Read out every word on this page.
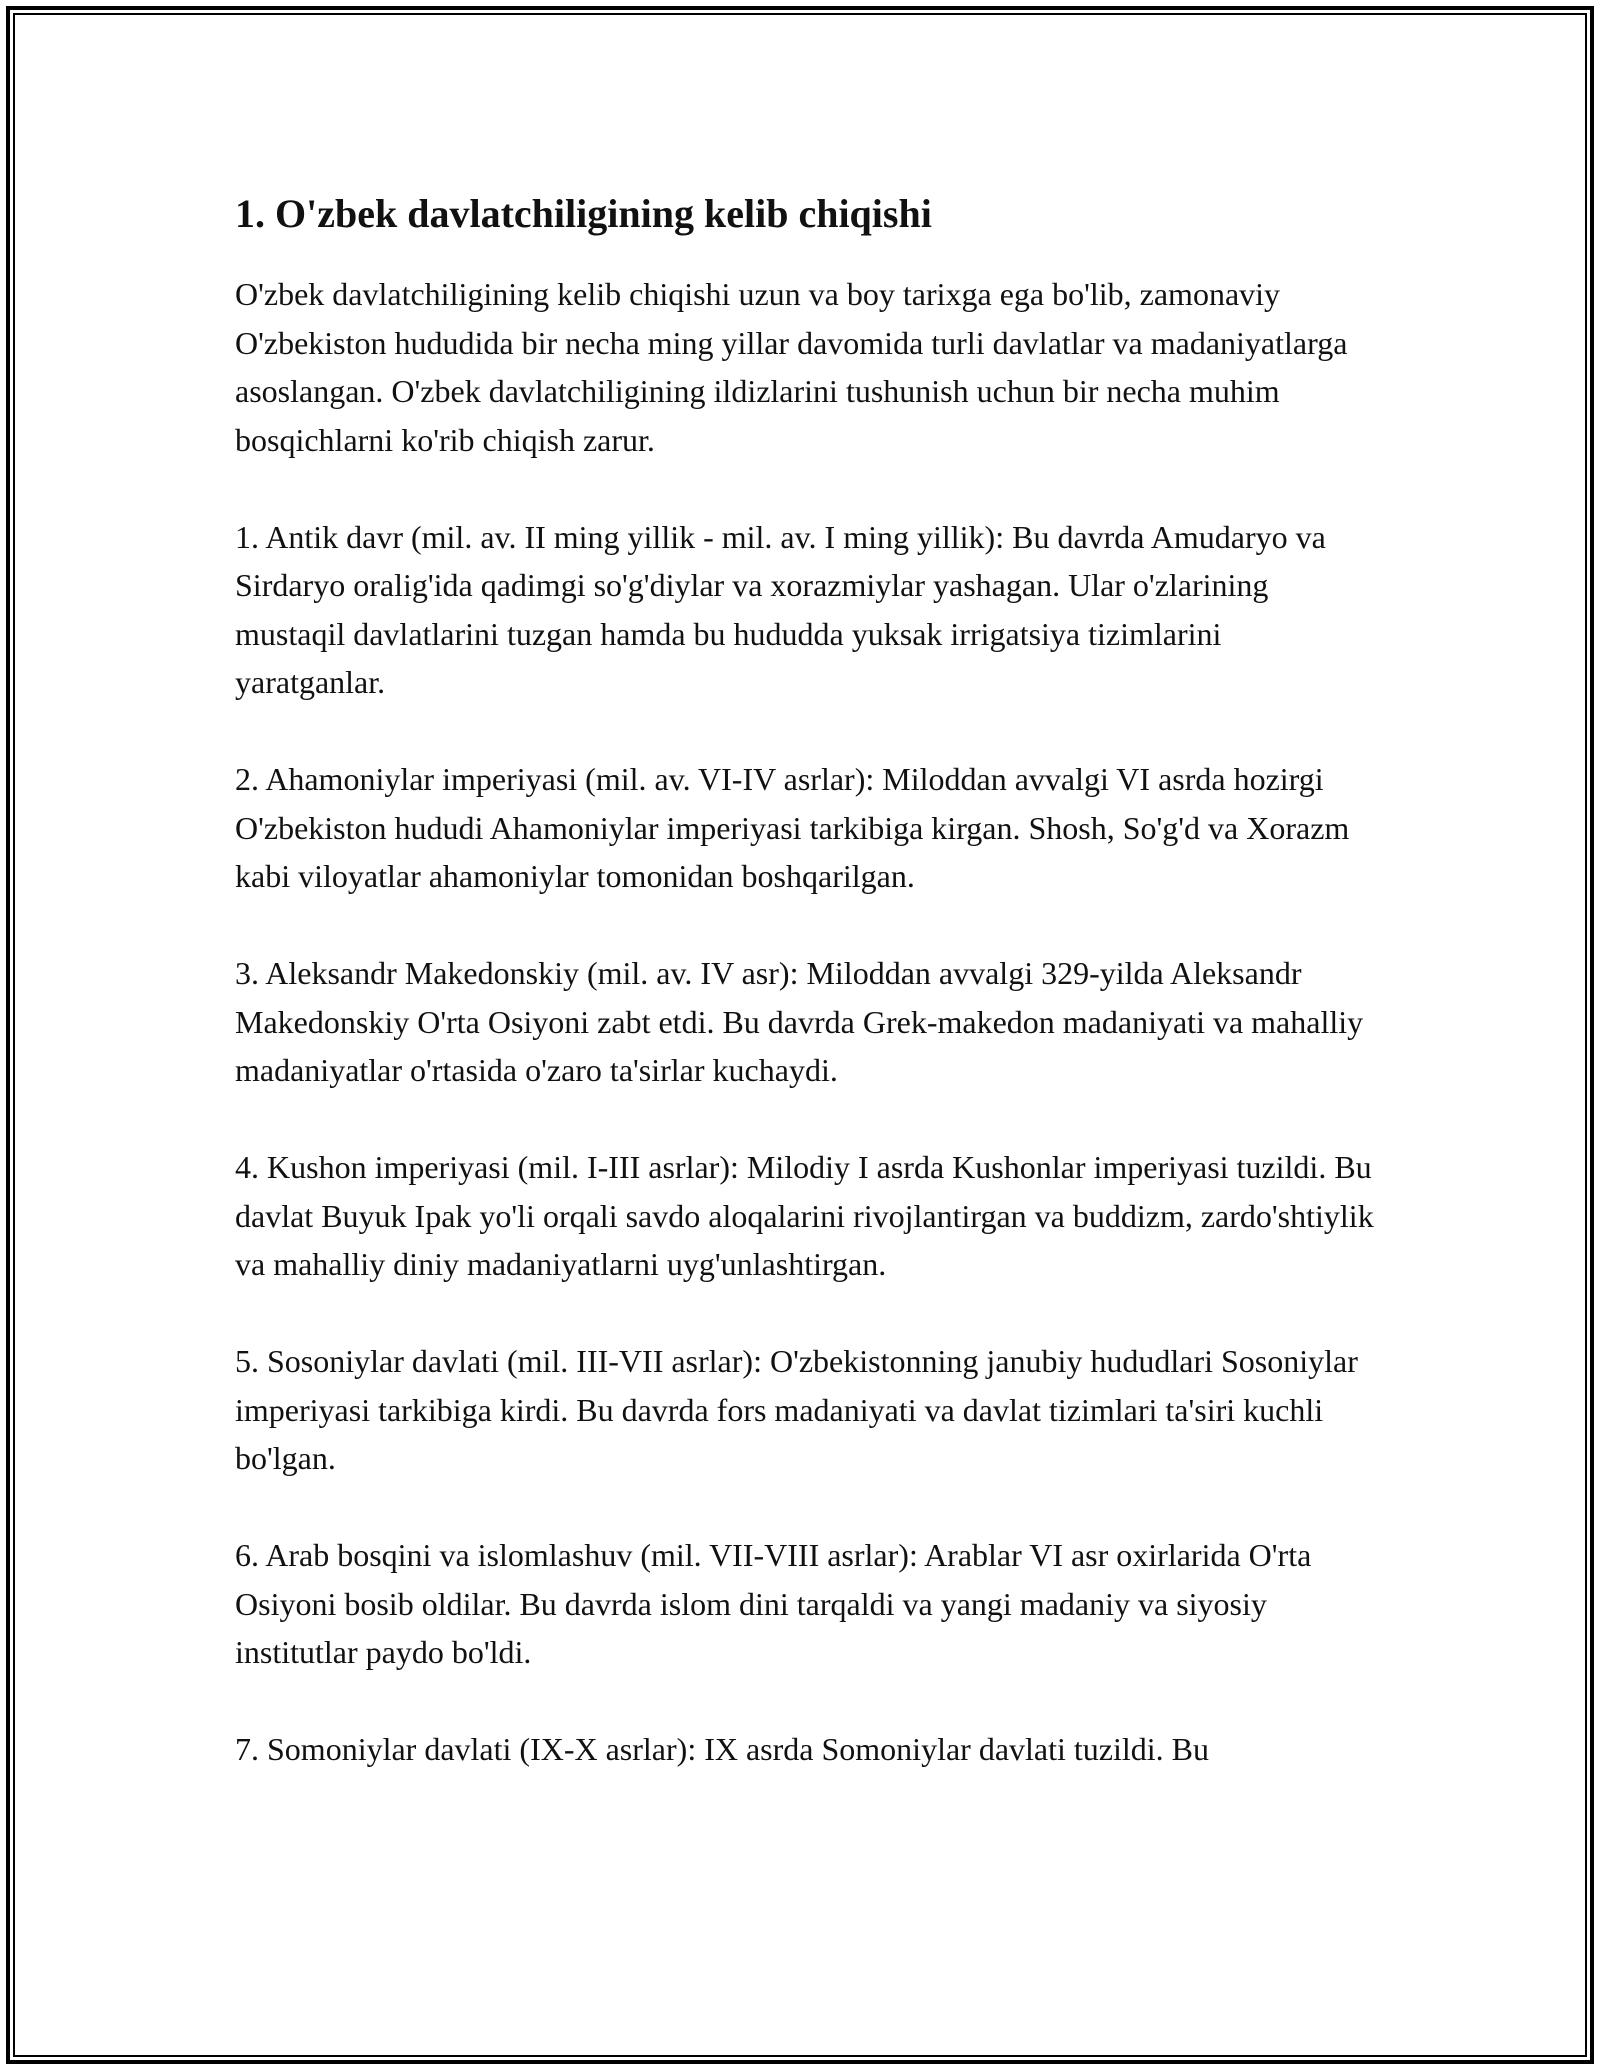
1. O'zbek davlatchiligining kelib chiqishi

O'zbek davlatchiligining kelib chiqishi uzun va boy tarixga ega bo'lib, zamonaviy O'zbekiston hududida bir necha ming yillar davomida turli davlatlar va madaniyatlarga asoslangan. O'zbek davlatchiligining ildizlarini tushunish uchun bir necha muhim bosqichlarni ko'rib chiqish zarur.

1. Antik davr (mil. av. II ming yillik - mil. av. I ming yillik): Bu davrda Amudaryo va Sirdaryo oralig'ida qadimgi so'g'diylar va xorazmiylar yashagan. Ular o'zlarining mustaqil davlatlarini tuzgan hamda bu hududda yuksak irrigatsiya tizimlarini yaratganlar.

2. Ahamoniylar imperiyasi (mil. av. VI-IV asrlar): Miloddan avvalgi VI asrda hozirgi O'zbekiston hududi Ahamoniylar imperiyasi tarkibiga kirgan. Shosh, So'g'd va Xorazm kabi viloyatlar ahamoniylar tomonidan boshqarilgan.

3. Aleksandr Makedonskiy (mil. av. IV asr): Miloddan avvalgi 329-yilda Aleksandr Makedonskiy O'rta Osiyoni zabt etdi. Bu davrda Grek-makedon madaniyati va mahalliy madaniyatlar o'rtasida o'zaro ta'sirlar kuchaydi.

4. Kushon imperiyasi (mil. I-III asrlar): Milodiy I asrda Kushonlar imperiyasi tuzildi. Bu davlat Buyuk Ipak yo'li orqali savdo aloqalarini rivojlantirgan va buddizm, zardo'shtiylik va mahalliy diniy madaniyatlarni uyg'unlashtirgan.

5. Sosoniylar davlati (mil. III-VII asrlar): O'zbekistonning janubiy hududlari Sosoniylar imperiyasi tarkibiga kirdi. Bu davrda fors madaniyati va davlat tizimlari ta'siri kuchli bo'lgan.

6. Arab bosqini va islomlashuv (mil. VII-VIII asrlar): Arablar VI asr oxirlarida O'rta Osiyoni bosib oldilar. Bu davrda islom dini tarqaldi va yangi madaniy va siyosiy institutlar paydo bo'ldi.

7. Somoniylar davlati (IX-X asrlar): IX asrda Somoniylar davlati tuzildi. Bu
